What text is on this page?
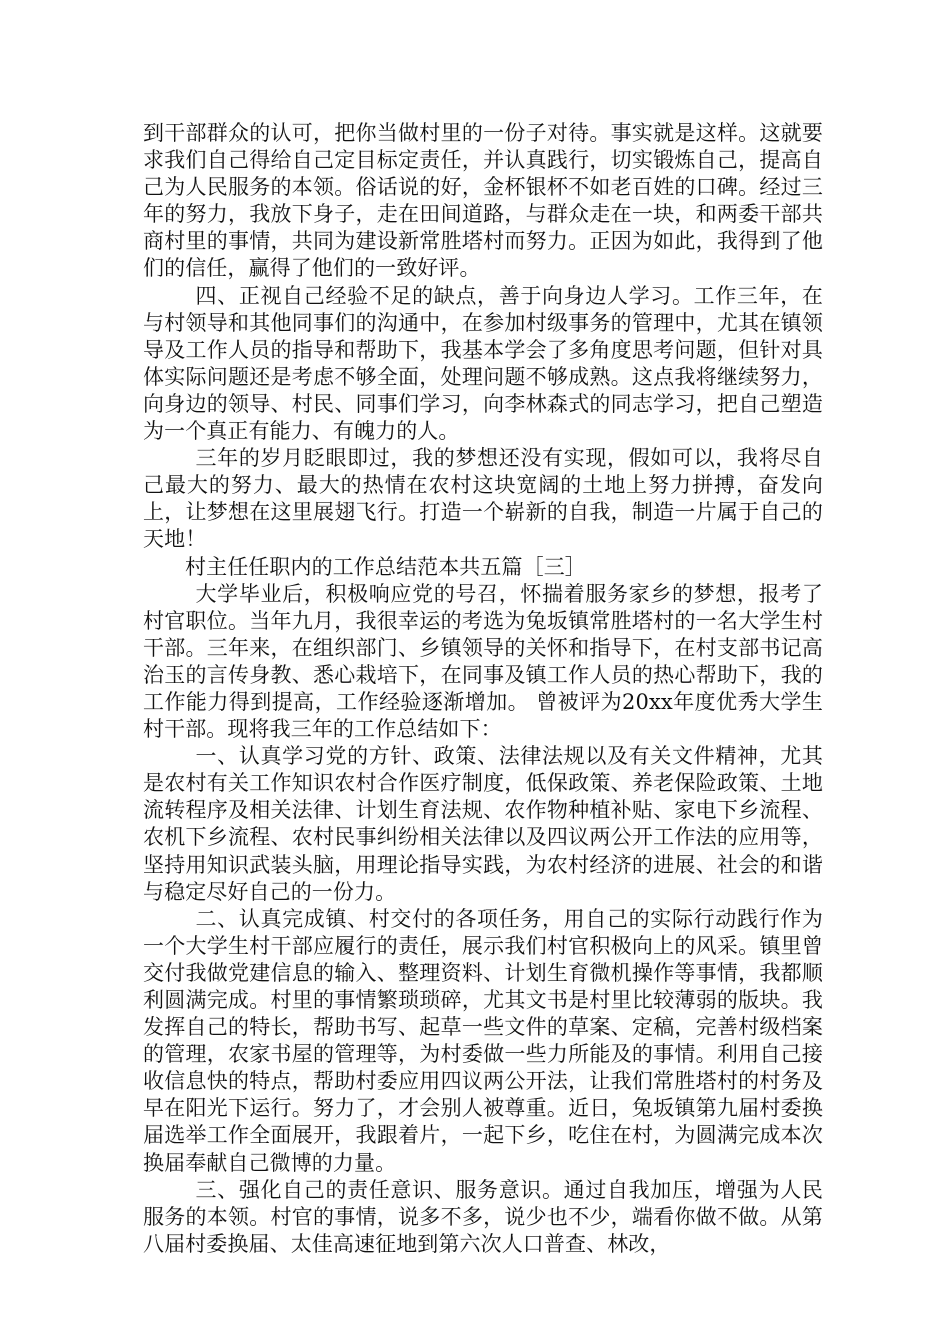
到干部群众的认可，把你当做村里的一份子对待。事实就是这样。这就要求我们自己得给自己定目标定责任，并认真践行，切实锻炼自己，提高自己为人民服务的本领。俗话说的好，金杯银杯不如老百姓的口碑。经过三年的努力，我放下身子，走在田间道路，与群众走在一块，和两委干部共商村里的事情，共同为建设新常胜塔村而努力。正因为如此，我得到了他们的信任，赢得了他们的一致好评。

四、正视自己经验不足的缺点，善于向身边人学习。工作三年，在与村领导和其他同事们的沟通中，在参加村级事务的管理中，尤其在镇领导及工作人员的指导和帮助下，我基本学会了多角度思考问题，但针对具体实际问题还是考虑不够全面，处理问题不够成熟。这点我将继续努力，向身边的领导、村民、同事们学习，向李林森式的同志学习，把自己塑造为一个真正有能力、有魄力的人。

三年的岁月眨眼即过，我的梦想还没有实现，假如可以，我将尽自己最大的努力、最大的热情在农村这块宽阔的土地上努力拼搏，奋发向上，让梦想在这里展翅飞行。打造一个崭新的自我，制造一片属于自己的天地！

村主任任职内的工作总结范本共五篇［三］

大学毕业后，积极响应党的号召，怀揣着服务家乡的梦想，报考了村官职位。当年九月，我很幸运的考选为兔坂镇常胜塔村的一名大学生村干部。三年来，在组织部门、乡镇领导的关怀和指导下，在村支部书记高治玉的言传身教、悉心栽培下，在同事及镇工作人员的热心帮助下，我的工作能力得到提高，工作经验逐渐增加。 曾被评为20xx年度优秀大学生村干部。现将我三年的工作总结如下：

一、认真学习党的方针、政策、法律法规以及有关文件精神，尤其是农村有关工作知识农村合作医疗制度，低保政策、养老保险政策、土地流转程序及相关法律、计划生育法规、农作物种植补贴、家电下乡流程、农机下乡流程、农村民事纠纷相关法律以及四议两公开工作法的应用等，坚持用知识武装头脑，用理论指导实践，为农村经济的进展、社会的和谐与稳定尽好自己的一份力。

二、认真完成镇、村交付的各项任务，用自己的实际行动践行作为一个大学生村干部应履行的责任，展示我们村官积极向上的风采。镇里曾交付我做党建信息的输入、整理资料、计划生育微机操作等事情，我都顺利圆满完成。村里的事情繁琐琐碎，尤其文书是村里比较薄弱的版块。我发挥自己的特长，帮助书写、起草一些文件的草案、定稿，完善村级档案的管理，农家书屋的管理等，为村委做一些力所能及的事情。利用自己接收信息快的特点，帮助村委应用四议两公开法，让我们常胜塔村的村务及早在阳光下运行。努力了，才会别人被尊重。近日，兔坂镇第九届村委换届选举工作全面展开，我跟着片，一起下乡，吃住在村，为圆满完成本次换届奉献自己微博的力量。

三、强化自己的责任意识、服务意识。通过自我加压，增强为人民服务的本领。村官的事情，说多不多，说少也不少，端看你做不做。从第八届村委换届、太佳高速征地到第六次人口普查、林改，
